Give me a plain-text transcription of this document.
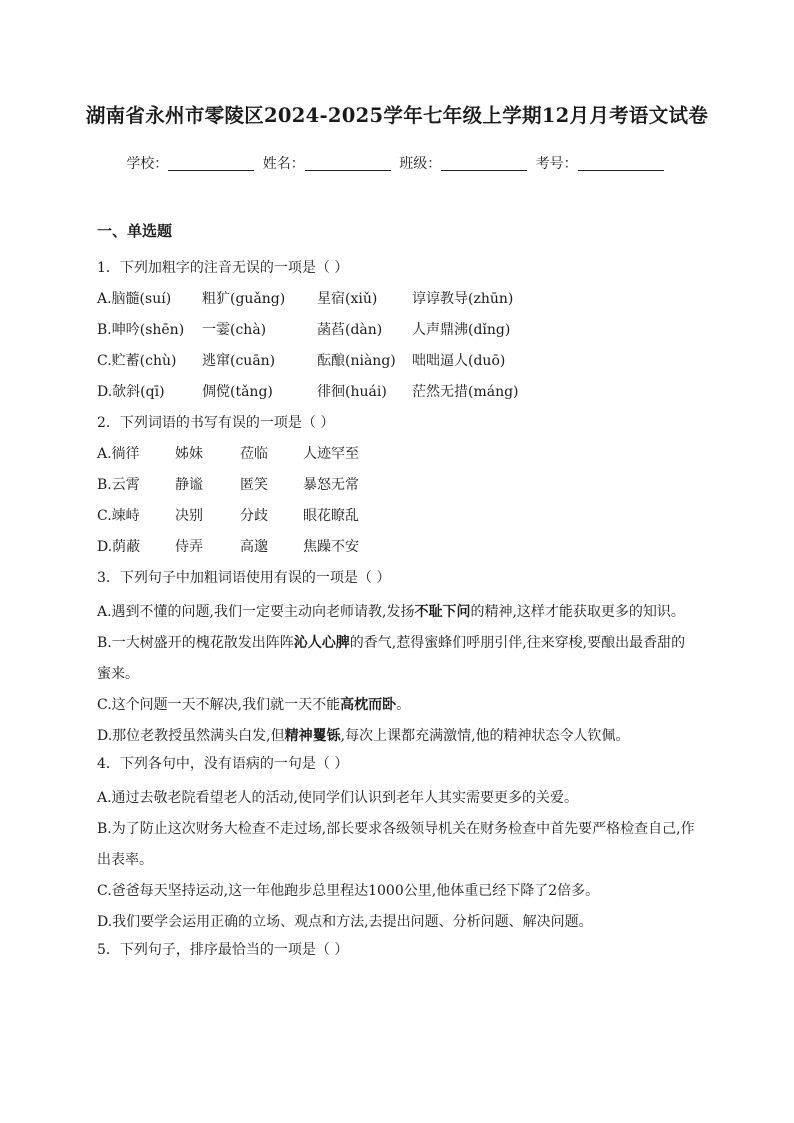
湖南省永州市零陵区2024-2025学年七年级上学期12月月考语文试卷
学校：	姓名：	班级：	考号：
一、单选题
1．下列加粗字的注音无误的一项是（ ）
A.脑髓(suí) 粗犷(guǎng) 星宿(xiǔ) 谆谆教导(zhūn)
B.呻吟(shēn) 一霎(chà)	菡萏(dàn) 人声鼎沸(dǐng)
C.贮蓄(chù) 逃窜(cuān)	酝酿(niàng) 咄咄逼人(duō)
D.欹斜(qī)	倜傥(tǎng)	徘徊(huái) 茫然无措(máng)
2．下列词语的书写有误的一项是（ ）
A.徜徉	姊妹	莅临	人迹罕至
B.云霄	静谧	匿笑	暴怒无常
C.竦峙	决别	分歧	眼花瞭乱
D.荫蔽 侍弄	高邈	焦躁不安
3．下列句子中加粗词语使用有误的一项是（ ）
A.遇到不懂的问题,我们一定要主动向老师请教,发扬不耻下问的精神,这样才能获取更多的知识。
B.一大树盛开的槐花散发出阵阵沁人心脾的香气,惹得蜜蜂们呼朋引伴,往来穿梭,要酿出最香甜的蜜来。
C.这个问题一天不解决,我们就一天不能高枕而卧。
D.那位老教授虽然满头白发,但精神矍铄,每次上课都充满激情,他的精神状态令人钦佩。
4．下列各句中，没有语病的一句是（ ）
A.通过去敬老院看望老人的活动,使同学们认识到老年人其实需要更多的关爱。
B.为了防止这次财务大检查不走过场,部长要求各级领导机关在财务检查中首先要严格检查自己,作出表率。
C.爸爸每天坚持运动,这一年他跑步总里程达1000公里,他体重已经下降了2倍多。
D.我们要学会运用正确的立场、观点和方法,去提出问题、分析问题、解决问题。
5．下列句子，排序最恰当的一项是（ ）
